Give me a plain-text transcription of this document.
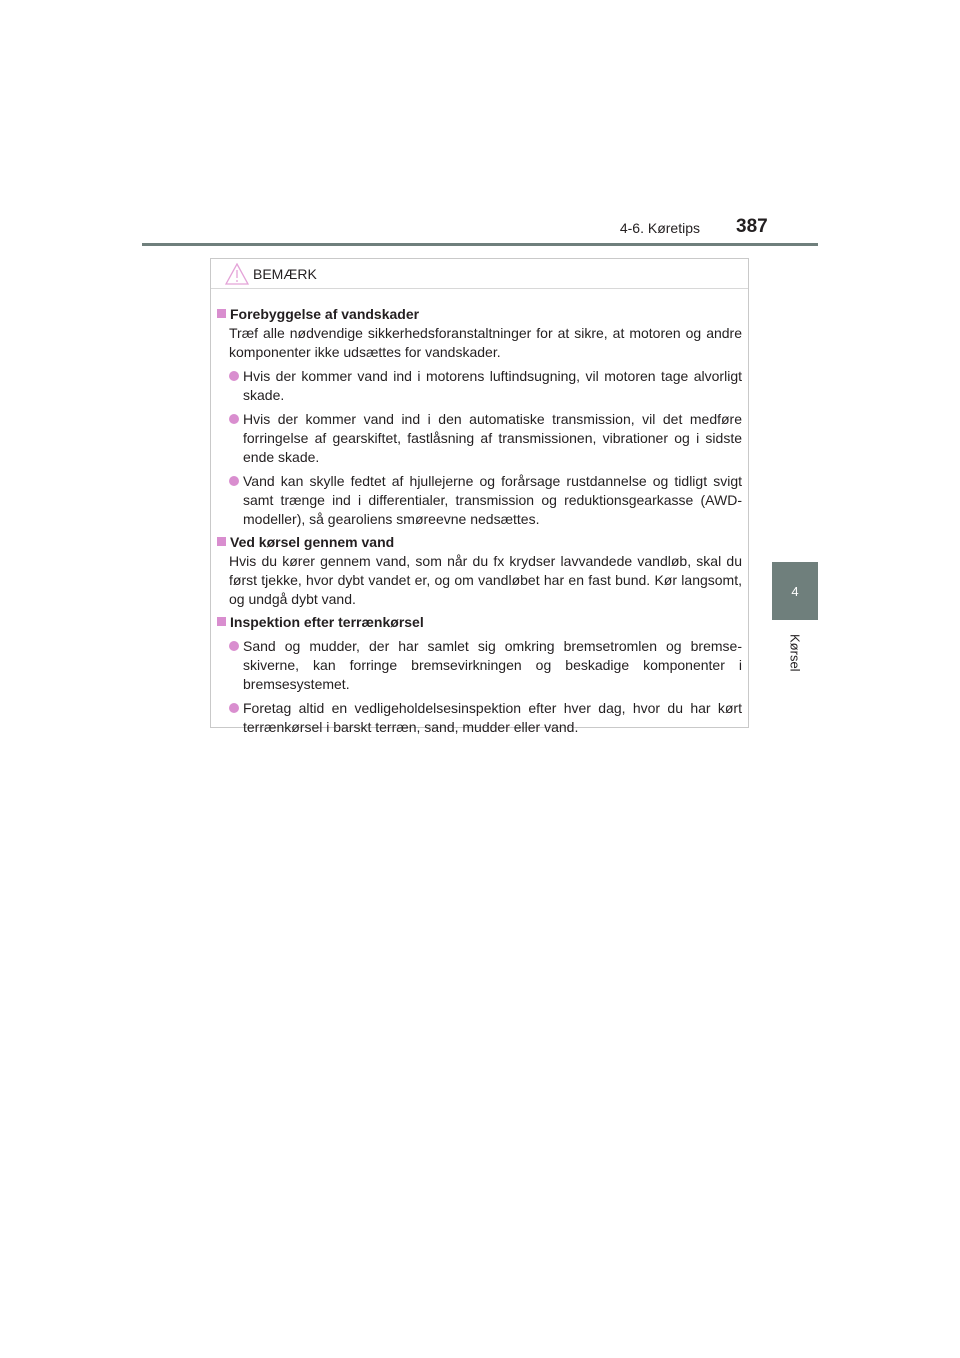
4-6. Køretips 387
4
Kørsel
BEMÆRK
Forebyggelse af vandskader
Træf alle nødvendige sikkerhedsforanstaltninger for at sikre, at motoren og andre komponenter ikke udsættes for vandskader.
Hvis der kommer vand ind i motorens luftindsugning, vil motoren tage alvorligt skade.
Hvis der kommer vand ind i den automatiske transmission, vil det medføre forringelse af gearskiftet, fastlåsning af transmissionen, vibrationer og i sidste ende skade.
Vand kan skylle fedtet af hjullejerne og forårsage rustdannelse og tidligt svigt samt trænge ind i differentialer, transmission og reduktionsgearkasse (AWD-modeller), så gearoliens smøreevne nedsættes.
Ved kørsel gennem vand
Hvis du kører gennem vand, som når du fx krydser lavvandede vandløb, skal du først tjekke, hvor dybt vandet er, og om vandløbet har en fast bund. Kør langsomt, og undgå dybt vand.
Inspektion efter terrænkørsel
Sand og mudder, der har samlet sig omkring bremsetromlen og bremse-skiverne, kan forringe bremsevirkningen og beskadige komponenter i bremsesystemet.
Foretag altid en vedligeholdelsesinspektion efter hver dag, hvor du har kørt terrænkørsel i barskt terræn, sand, mudder eller vand.
